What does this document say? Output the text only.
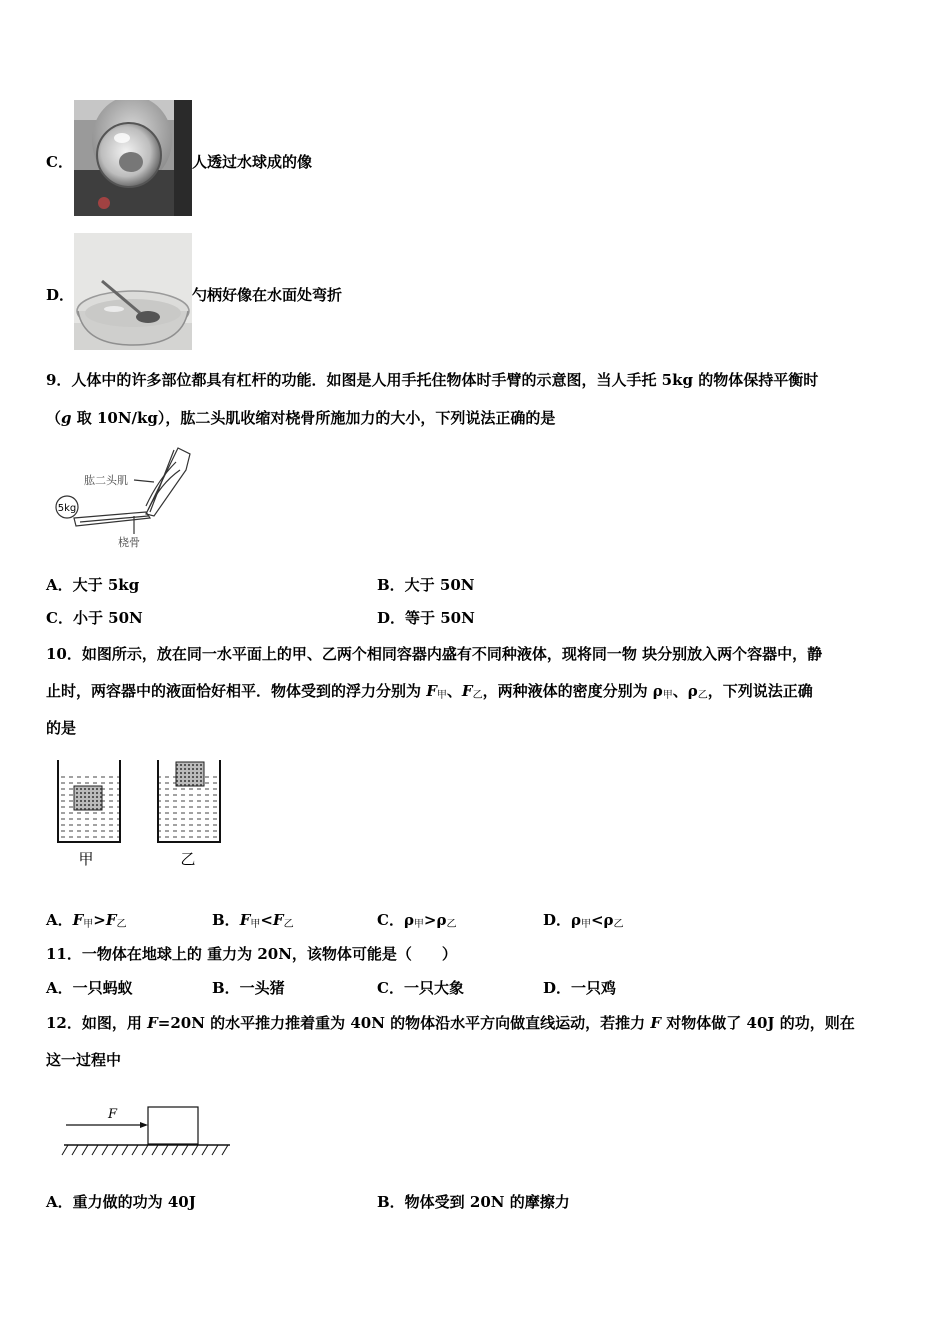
C．	人透过水球成的像
D．	勺柄好像在水面处弯折
9．人体中的许多部位都具有杠杆的功能．如图是人用手托住物体时手臂的示意图，当人手托 5kg 的物体保持平衡时
（g 取 10N/kg），肱二头肌收缩对桡骨所施加力的大小，下列说法正确的是
5kg
肱二头肌
桡骨
A．大于 5kg	B．大于 50N
C．小于 50N	D．等于 50N
10．如图所示，放在同一水平面上的甲、乙两个相同容器内盛有不同种液体，现将同一物 块分别放入两个容器中，静
止时，两容器中的液面恰好相平．物体受到的浮力分别为 $F_甲$、$F_乙$，两种液体的密度分别为 $\rho_甲$、$\rho_乙$，下列说法正确
的是
甲	乙
A．$F_甲>F_乙$	B．$F_甲<F_乙$	C．$\rho_甲>\rho_乙$	D．$\rho_甲<\rho_乙$
11．一物体在地球上的 重力为 20N，该物体可能是（　　）
A．一只蚂蚁	B．一头猪	C．一只大象	D．一只鸡
12．如图，用 F=20N 的水平推力推着重为 40N 的物体沿水平方向做直线运动，若推力 F 对物体做了 40J 的功，则在
这一过程中
F
A．重力做的功为 40J	B．物体受到 20N 的摩擦力
